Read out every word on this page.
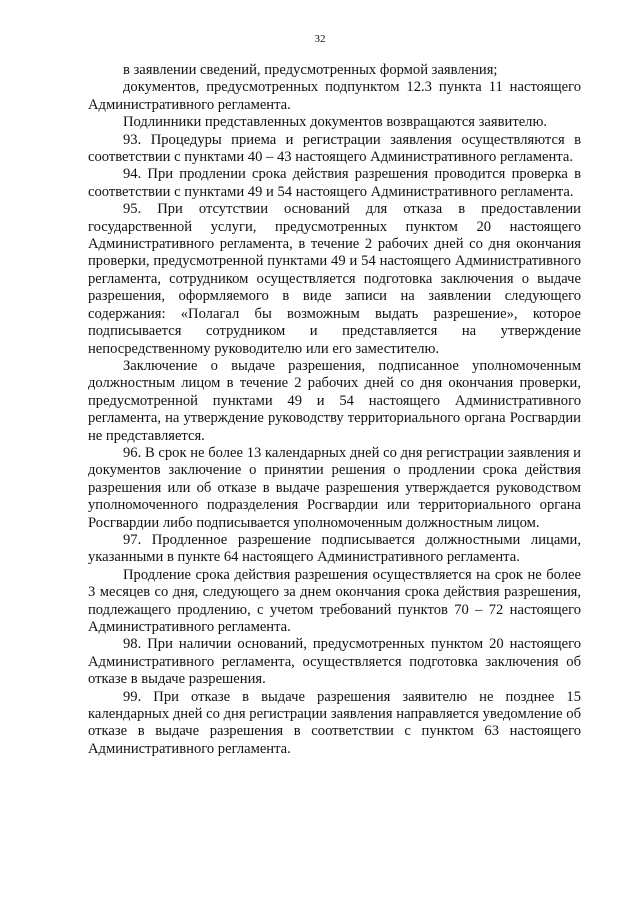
32

в заявлении сведений, предусмотренных формой заявления;

документов, предусмотренных подпунктом 12.3 пункта 11 настоящего Административного регламента.

Подлинники представленных документов возвращаются заявителю.

93. Процедуры приема и регистрации заявления осуществляются в соответствии с пунктами 40 – 43 настоящего Административного регламента.

94. При продлении срока действия разрешения проводится проверка в соответствии с пунктами 49 и 54 настоящего Административного регламента.

95. При отсутствии оснований для отказа в предоставлении государственной услуги, предусмотренных пунктом 20 настоящего Административного регламента, в течение 2 рабочих дней со дня окончания проверки, предусмотренной пунктами 49 и 54 настоящего Административного регламента, сотрудником осуществляется подготовка заключения о выдаче разрешения, оформляемого в виде записи на заявлении следующего содержания: «Полагал бы возможным выдать разрешение», которое подписывается сотрудником и представляется на утверждение непосредственному руководителю или его заместителю.

Заключение о выдаче разрешения, подписанное уполномоченным должностным лицом в течение 2 рабочих дней со дня окончания проверки, предусмотренной пунктами 49 и 54 настоящего Административного регламента, на утверждение руководству территориального органа Росгвардии не представляется.

96. В срок не более 13 календарных дней со дня регистрации заявления и документов заключение о принятии решения о продлении срока действия разрешения или об отказе в выдаче разрешения утверждается руководством уполномоченного подразделения Росгвардии или территориального органа Росгвардии либо подписывается уполномоченным должностным лицом.

97. Продленное разрешение подписывается должностными лицами, указанными в пункте 64 настоящего Административного регламента.

Продление срока действия разрешения осуществляется на срок не более 3 месяцев со дня, следующего за днем окончания срока действия разрешения, подлежащего продлению, с учетом требований пунктов 70 – 72 настоящего Административного регламента.

98. При наличии оснований, предусмотренных пунктом 20 настоящего Административного регламента, осуществляется подготовка заключения об отказе в выдаче разрешения.

99. При отказе в выдаче разрешения заявителю не позднее 15 календарных дней со дня регистрации заявления направляется уведомление об отказе в выдаче разрешения в соответствии с пунктом 63 настоящего Административного регламента.
